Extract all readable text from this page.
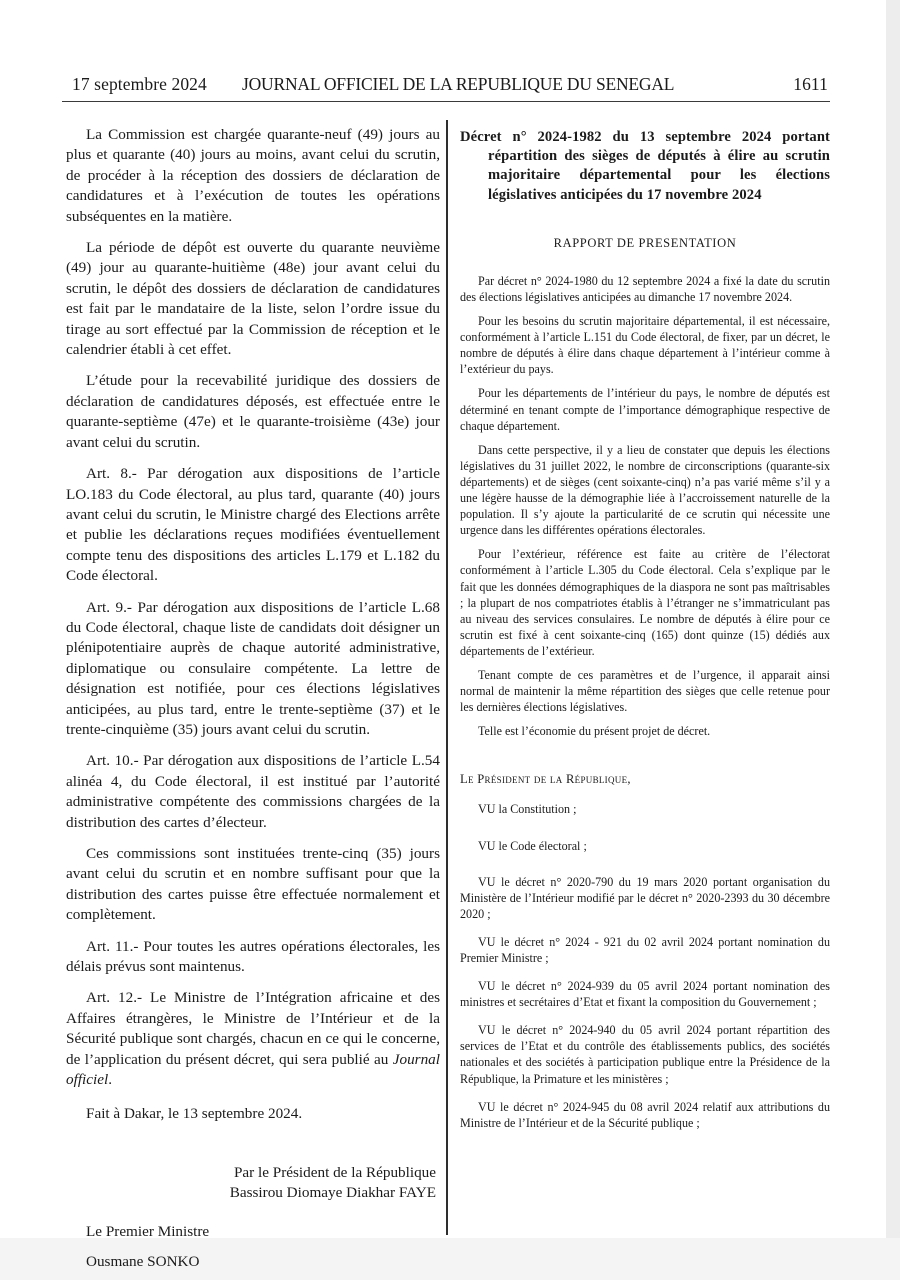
17 septembre 2024 JOURNAL OFFICIEL DE LA REPUBLIQUE DU SENEGAL	1611

La Commission est chargée quarante-neuf (49) jours au plus et quarante (40) jours au moins, avant celui du scrutin, de procéder à la réception des dossiers de déclaration de candidatures et à l’exécution de toutes les opérations subséquentes en la matière.

La période de dépôt est ouverte du quarante neuvième (49) jour au quarante-huitième (48e) jour avant celui du scrutin, le dépôt des dossiers de déclaration de candidatures est fait par le mandataire de la liste, selon l’ordre issue du tirage au sort effectué par la Commission de réception et le calendrier établi à cet effet.

L’étude pour la recevabilité juridique des dossiers de déclaration de candidatures déposés, est effectuée entre le quarante-septième (47e) et le quarante-troisième (43e) jour avant celui du scrutin.

Art. 8.- Par dérogation aux dispositions de l’article LO.183 du Code électoral, au plus tard, quarante (40) jours avant celui du scrutin, le Ministre chargé des Elections arrête et publie les déclarations reçues modifiées éventuellement compte tenu des dispositions des articles L.179 et L.182 du Code électoral.

Art. 9.- Par dérogation aux dispositions de l’article L.68 du Code électoral, chaque liste de candidats doit désigner un plénipotentiaire auprès de chaque autorité administrative, diplomatique ou consulaire compétente. La lettre de désignation est notifiée, pour ces élections législatives anticipées, au plus tard, entre le trente-septième (37) et le trente-cinquième (35) jours avant celui du scrutin.

Art. 10.- Par dérogation aux dispositions de l’article L.54 alinéa 4, du Code électoral, il est institué par l’autorité administrative compétente des commissions chargées de la distribution des cartes d’électeur.

Ces commissions sont instituées trente-cinq (35) jours avant celui du scrutin et en nombre suffisant pour que la distribution des cartes puisse être effectuée normalement et complètement.

Art. 11.- Pour toutes les autres opérations électorales, les délais prévus sont maintenus.

Art. 12.- Le Ministre de l’Intégration africaine et des Affaires étrangères, le Ministre de l’Intérieur et de la Sécurité publique sont chargés, chacun en ce qui le concerne, de l’application du présent décret, qui sera publié au Journal officiel.

Fait à Dakar, le 13 septembre 2024.

Par le Président de la République
Bassirou Diomaye Diakhar FAYE
Le Premier Ministre
Ousmane SONKO
Décret n° 2024-1982 du 13 septembre 2024 portant répartition des sièges de députés à élire au scrutin majoritaire départemental pour les élections législatives anticipées du 17 novembre 2024
RAPPORT DE PRESENTATION

Par décret n° 2024-1980 du 12 septembre 2024 a fixé la date du scrutin des élections législatives anticipées au dimanche 17 novembre 2024.

Pour les besoins du scrutin majoritaire départemental, il est nécessaire, conformément à l’article L.151 du Code électoral, de fixer, par un décret, le nombre de députés à élire dans chaque département à l’intérieur comme à l’extérieur du pays.

Pour les départements de l’intérieur du pays, le nombre de députés est déterminé en tenant compte de l’importance démographique respective de chaque département.

Dans cette perspective, il y a lieu de constater que depuis les élections législatives du 31 juillet 2022, le nombre de circonscriptions (quarante-six départements) et de sièges (cent soixante-cinq) n’a pas varié même s’il y a une légère hausse de la démographie liée à l’accroissement naturelle de la population. Il s’y ajoute la particularité de ce scrutin qui nécessite une urgence dans les différentes opérations électorales.

Pour l’extérieur, référence est faite au critère de l’électorat conformément à l’article L.305 du Code électoral. Cela s’explique par le fait que les données démographiques de la diaspora ne sont pas maîtrisables ; la plupart de nos compatriotes établis à l’étranger ne s’immatriculant pas au niveau des services consulaires. Le nombre de députés à élire pour ce scrutin est fixé à cent soixante-cinq (165) dont quinze (15) dédiés aux départements de l’extérieur.

Tenant compte de ces paramètres et de l’urgence, il apparait ainsi normal de maintenir la même répartition des sièges que celle retenue pour les dernières élections législatives.

Telle est l’économie du présent projet de décret.

Le Président de la République,

VU la Constitution ;

VU le Code électoral ;

VU le décret n° 2020-790 du 19 mars 2020 portant organisation du Ministère de l’Intérieur modifié par le décret n° 2020-2393 du 30 décembre 2020 ;

VU le décret n° 2024 - 921 du 02 avril 2024 portant nomination du Premier Ministre ;

VU le décret n° 2024-939 du 05 avril 2024 portant nomination des ministres et secrétaires d’Etat et fixant la composition du Gouvernement ;

VU le décret n° 2024-940 du 05 avril 2024 portant répartition des services de l’Etat et du contrôle des établissements publics, des sociétés nationales et des sociétés à participation publique entre la Présidence de la République, la Primature et les ministères ;

VU le décret n° 2024-945 du 08 avril 2024 relatif aux attributions du Ministre de l’Intérieur et de la Sécurité publique ;
